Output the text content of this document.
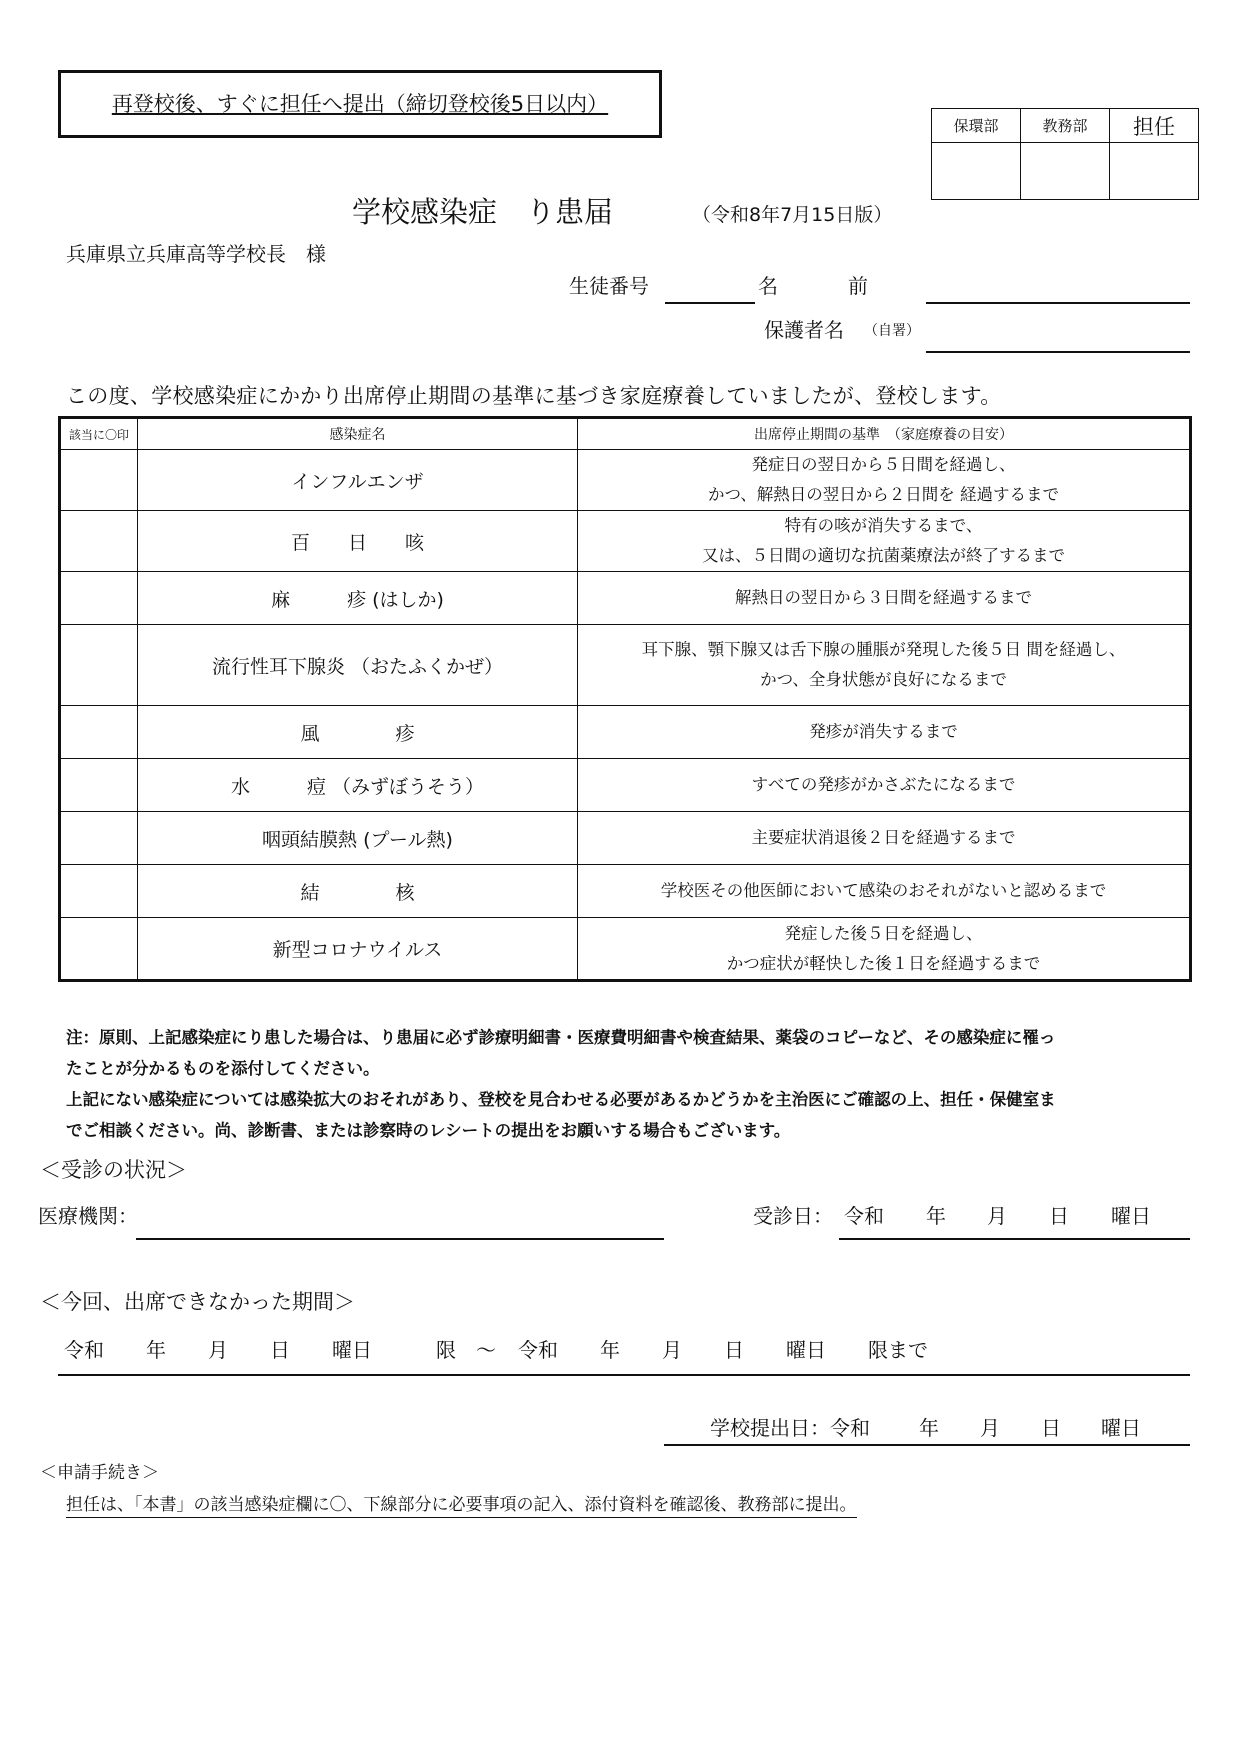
再登校後、すぐに担任へ提出（締切登校後5日以内）
保環部	教務部	担任

学校感染症　り患届	（令和8年7月15日版）
兵庫県立兵庫高等学校長　様
生徒番号	名	前
保護者名 （自署）
この度、学校感染症にかかり出席停止期間の基準に基づき家庭療養していましたが、登校します。
該当に〇印	感染症名	出席停止期間の基準　（家庭療養の目安）
	インフルエンザ	発症日の翌日から５日間を経過し、
かつ、解熱日の翌日から２日間を 経過するまで

	百　　日　　咳	特有の咳が消失するまで、
又は、５日間の適切な抗菌薬療法が終了するまで

	麻　　　疹 (はしか)	解熱日の翌日から３日間を経過するまで

	流行性耳下腺炎 （おたふくかぜ）	耳下腺、顎下腺又は舌下腺の腫脹が発現した後５日 間を経過し、
かつ、全身状態が良好になるまで

	風　　　　疹	発疹が消失するまで

	水　　　痘 （みずぼうそう）	すべての発疹がかさぶたになるまで

	咽頭結膜熱 (プール熱)	主要症状消退後２日を経過するまで

	結　　　　核	学校医その他医師において感染のおそれがないと認めるまで

	新型コロナウイルス	発症した後５日を経過し、
かつ症状が軽快した後１日を経過するまで
注：原則、上記感染症にり患した場合は、り患届に必ず診療明細書・医療費明細書や検査結果、薬袋のコピーなど、その感染症に罹っ
たことが分かるものを添付してください。
上記にない感染症については感染拡大のおそれがあり、登校を見合わせる必要があるかどうかを主治医にご確認の上、担任・保健室ま
でご相談ください。尚、診断書、または診察時のレシートの提出をお願いする場合もございます。
＜受診の状況＞
医療機関：	受診日： 令和 年 月 日 曜日
＜今回、出席できなかった期間＞
令和 年 月 日 曜日	限 ～ 令和 年 月 日 曜日 限まで
学校提出日：令和 年 月 日 曜日
＜申請手続き＞
担任は、「本書」の該当感染症欄に〇、下線部分に必要事項の記入、添付資料を確認後、教務部に提出。
